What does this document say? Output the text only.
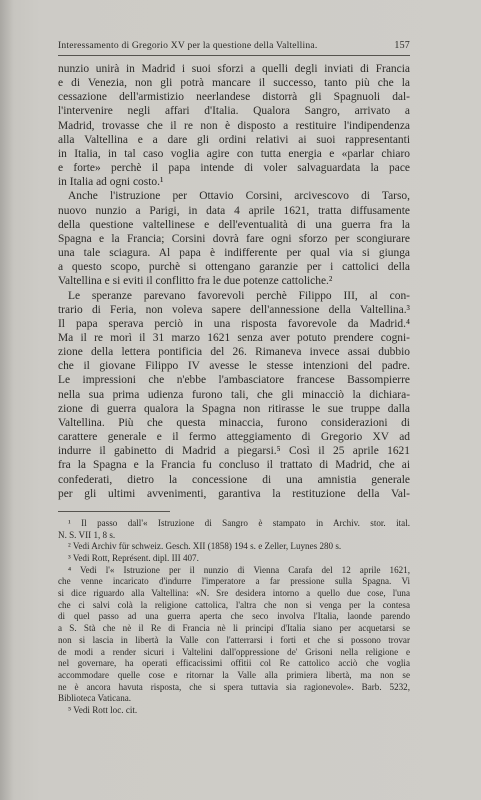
Interessamento di Gregorio XV per la questione della Valtellina.	157
nunzio unirà in Madrid i suoi sforzi a quelli degli inviati di Francia
e di Venezia, non gli potrà mancare il successo, tanto più che la
cessazione dell'armistizio neerlandese distorrà gli Spagnuoli dal-
l'intervenire negli affari d'Italia. Qualora Sangro, arrivato a
Madrid, trovasse che il re non è disposto a restituire l'indipendenza
alla Valtellina e a dare gli ordini relativi ai suoi rappresentanti
in Italia, in tal caso voglia agire con tutta energia e «parlar chiaro
e forte» perchè il papa intende di voler salvaguardata la pace
in Italia ad ogni costo.¹
Anche l'istruzione per Ottavio Corsini, arcivescovo di Tarso,
nuovo nunzio a Parigi, in data 4 aprile 1621, tratta diffusamente
della questione valtellinese e dell'eventualità di una guerra fra la
Spagna e la Francia; Corsini dovrà fare ogni sforzo per scongiurare
una tale sciagura. Al papa è indifferente per qual via si giunga
a questo scopo, purchè si ottengano garanzie per i cattolici della
Valtellina e si eviti il conflitto fra le due potenze cattoliche.²
Le speranze parevano favorevoli perchè Filippo III, al con-
trario di Feria, non voleva sapere dell'annessione della Valtellina.³
Il papa sperava perciò in una risposta favorevole da Madrid.⁴
Ma il re morì il 31 marzo 1621 senza aver potuto prendere cogni-
zione della lettera pontificia del 26. Rimaneva invece assai dubbio
che il giovane Filippo IV avesse le stesse intenzioni del padre.
Le impressioni che n'ebbe l'ambasciatore francese Bassompierre
nella sua prima udienza furono tali, che gli minacciò la dichiara-
zione di guerra qualora la Spagna non ritirasse le sue truppe dalla
Valtellina. Più che questa minaccia, furono considerazioni di
carattere generale e il fermo atteggiamento di Gregorio XV ad
indurre il gabinetto di Madrid a piegarsi.⁵ Così il 25 aprile 1621
fra la Spagna e la Francia fu concluso il trattato di Madrid, che ai
confederati, dietro la concessione di una amnistia generale
per gli ultimi avvenimenti, garantiva la restituzione della Val-
¹ Il passo dall'« Istruzione di Sangro è stampato in Archiv. stor. ital.
N. S. VII 1, 8 s.
² Vedi Archiv für schweiz. Gesch. XII (1858) 194 s. e Zeller, Luynes 280 s.
³ Vedi Rott, Représent. dipl. III 407.
⁴ Vedi l'« Istruzione per il nunzio di Vienna Carafa del 12 aprile 1621,
che venne incaricato d'indurre l'imperatore a far pressione sulla Spagna. Vi
si dice riguardo alla Valtellina: «N. Sre desidera intorno a quello due cose, l'una
che ci salvi colà la religione cattolica, l'altra che non si venga per la contesa
di quel passo ad una guerra aperta che seco involva l'Italia, laonde parendo
a S. Stà che nè il Re di Francia nè li principi d'Italia siano per acquetarsi se
non si lascia in libertà la Valle con l'atterrarsi i forti et che si possono trovar
de modi a render sicuri i Valtelini dall'oppressione de' Grisoni nella religione e
nel governare, ha operati efficacissimi offitii col Re cattolico acciò che voglia
accommodare quelle cose e ritornar la Valle alla primiera libertà, ma non se
ne è ancora havuta risposta, che si spera tuttavia sia ragionevole». Barb. 5232,
Biblioteca Vaticana.
⁵ Vedi Rott loc. cit.
